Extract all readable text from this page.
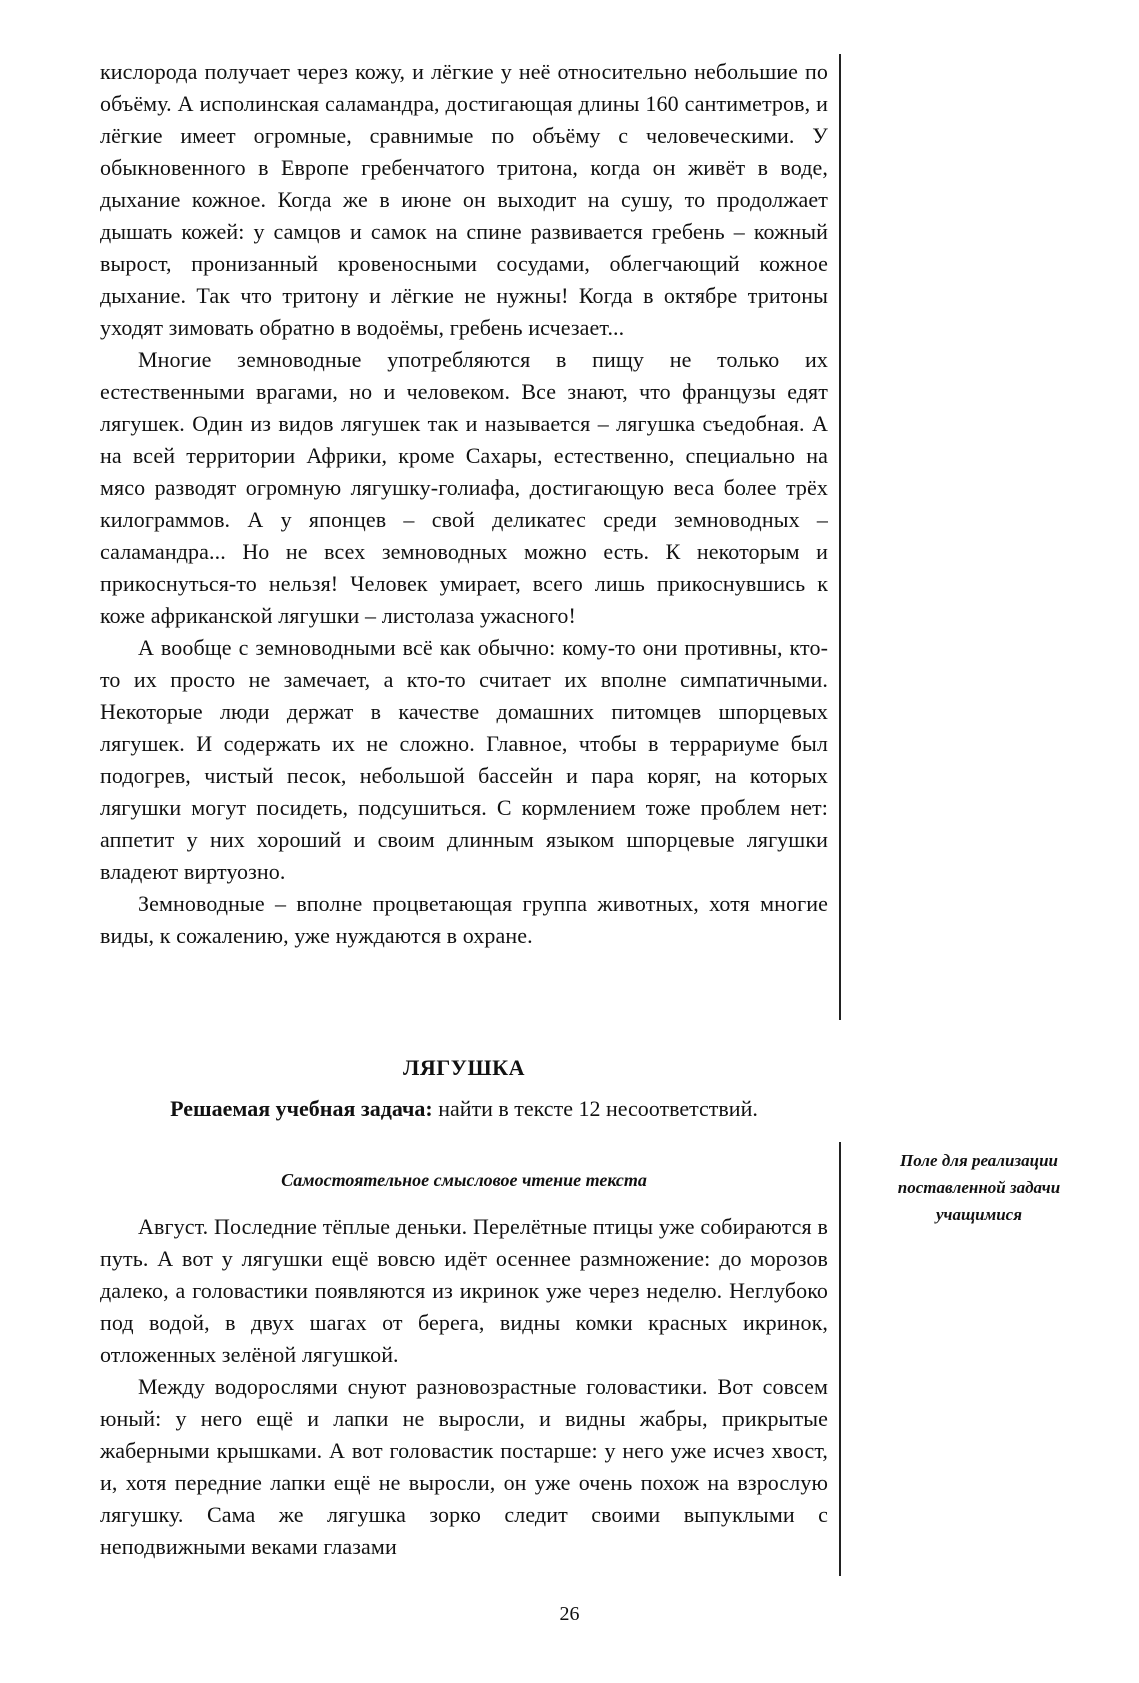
кислорода получает через кожу, и лёгкие у неё относительно небольшие по объёму. А исполинская саламандра, достигающая длины 160 сантиметров, и лёгкие имеет огромные, сравнимые по объёму с человеческими. У обыкновенного в Европе гребенчатого тритона, когда он живёт в воде, дыхание кожное. Когда же в июне он выходит на сушу, то продолжает дышать кожей: у самцов и самок на спине развивается гребень – кожный вырост, пронизанный кровеносными сосудами, облегчающий кожное дыхание. Так что тритону и лёгкие не нужны! Когда в октябре тритоны уходят зимовать обратно в водоёмы, гребень исчезает...

Многие земноводные употребляются в пищу не только их естественными врагами, но и человеком. Все знают, что французы едят лягушек. Один из видов лягушек так и называется – лягушка съедобная. А на всей территории Африки, кроме Сахары, естественно, специально на мясо разводят огромную лягушку-голиафа, достигающую веса более трёх килограммов. А у японцев – свой деликатес среди земноводных – саламандра... Но не всех земноводных можно есть. К некоторым и прикоснуться-то нельзя! Человек умирает, всего лишь прикоснувшись к коже африканской лягушки – листолаза ужасного!

А вообще с земноводными всё как обычно: кому-то они противны, кто-то их просто не замечает, а кто-то считает их вполне симпатичными. Некоторые люди держат в качестве домашних питомцев шпорцевых лягушек. И содержать их не сложно. Главное, чтобы в террариуме был подогрев, чистый песок, небольшой бассейн и пара коряг, на которых лягушки могут посидеть, подсушиться. С кормлением тоже проблем нет: аппетит у них хороший и своим длинным языком шпорцевые лягушки владеют виртуозно.

Земноводные – вполне процветающая группа животных, хотя многие виды, к сожалению, уже нуждаются в охране.

ЛЯГУШКА
Решаемая учебная задача: найти в тексте 12 несоответствий.
Самостоятельное смысловое чтение текста
Поле для реализации поставленной задачи учащимися

Август. Последние тёплые деньки. Перелётные птицы уже собираются в путь. А вот у лягушки ещё вовсю идёт осеннее размножение: до морозов далеко, а головастики появляются из икринок уже через неделю. Неглубоко под водой, в двух шагах от берега, видны комки красных икринок, отложенных зелёной лягушкой.

Между водорослями снуют разновозрастные головастики. Вот совсем юный: у него ещё и лапки не выросли, и видны жабры, прикрытые жаберными крышками. А вот головастик постарше: у него уже исчез хвост, и, хотя передние лапки ещё не выросли, он уже очень похож на взрослую лягушку. Сама же лягушка зорко следит своими выпуклыми с неподвижными веками глазами

26
